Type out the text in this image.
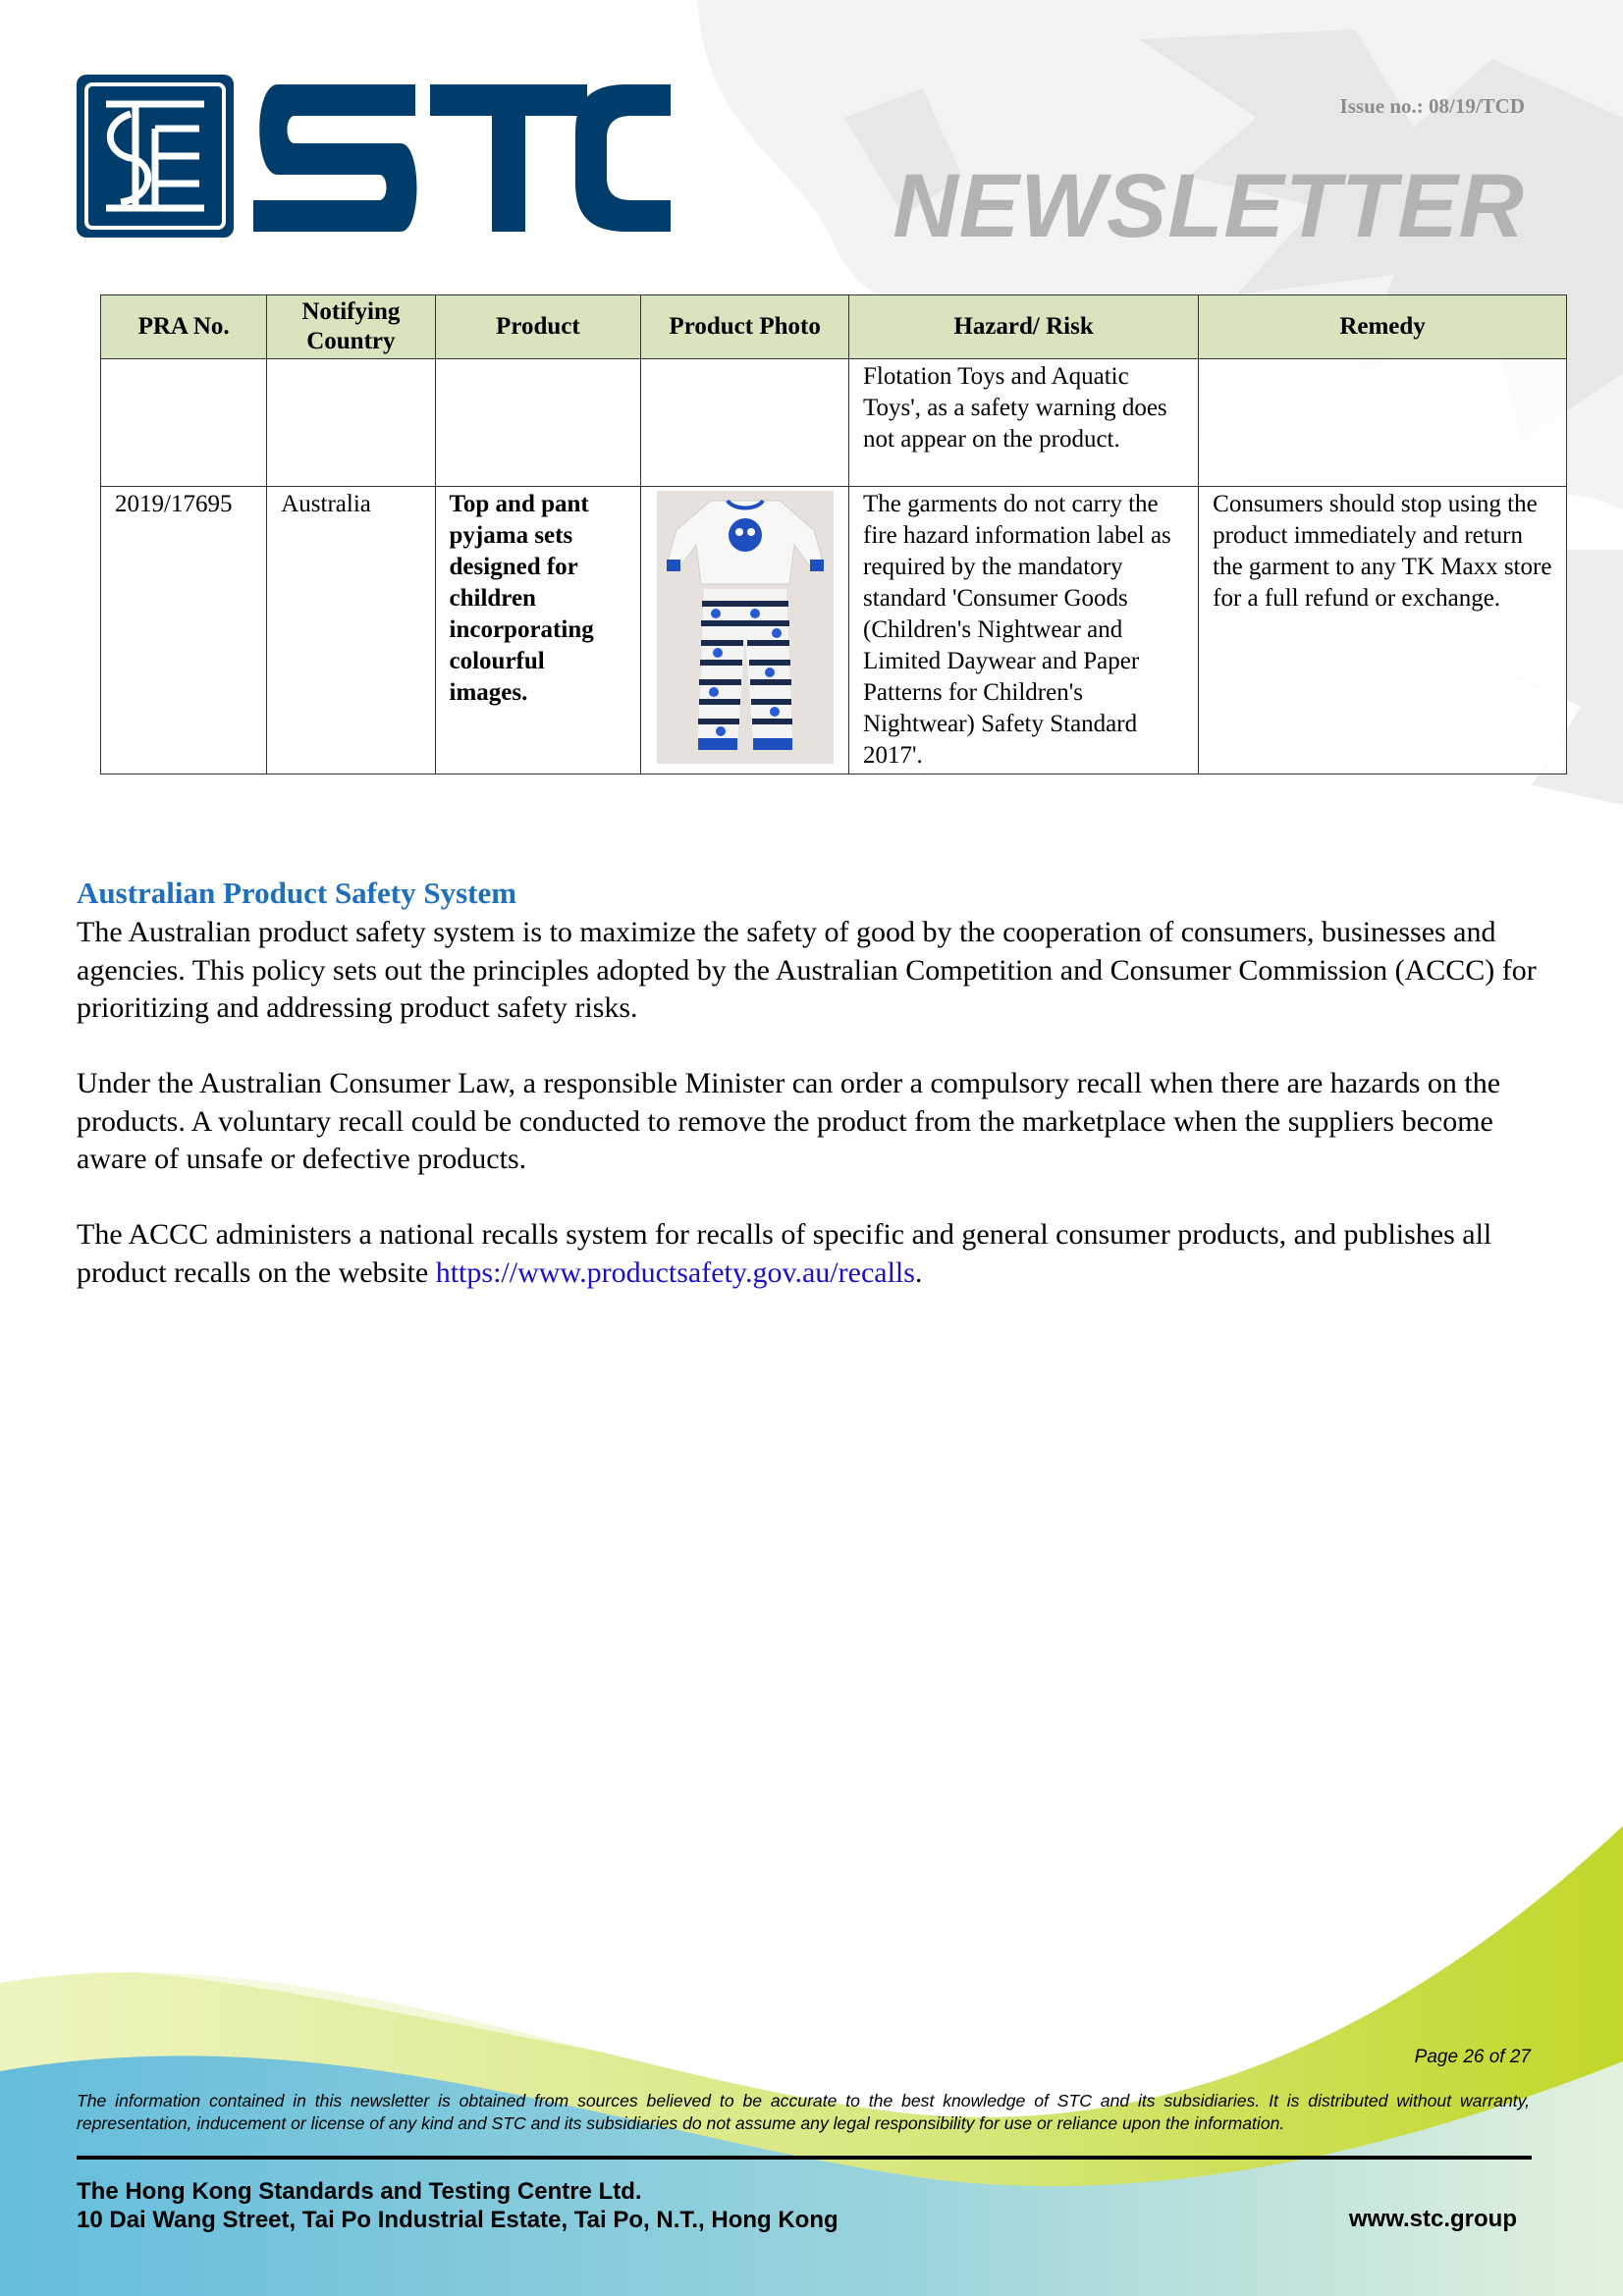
Issue no.: 08/19/TCD
NEWSLETTER
PRA No.	Notifying Country	Product	Product Photo	Hazard/ Risk	Remedy
				Flotation Toys and Aquatic Toys', as a safety warning does not appear on the product.	
2019/17695	Australia	Top and pant pyjama sets designed for children incorporating colourful images.		The garments do not carry the fire hazard information label as required by the mandatory standard 'Consumer Goods (Children's Nightwear and Limited Daywear and Paper Patterns for Children's Nightwear) Safety Standard 2017'.	Consumers should stop using the product immediately and return the garment to any TK Maxx store for a full refund or exchange.
Australian Product Safety System

The Australian product safety system is to maximize the safety of good by the cooperation of consumers, businesses and agencies. This policy sets out the principles adopted by the Australian Competition and Consumer Commission (ACCC) for prioritizing and addressing product safety risks.

Under the Australian Consumer Law, a responsible Minister can order a compulsory recall when there are hazards on the products. A voluntary recall could be conducted to remove the product from the marketplace when the suppliers become aware of unsafe or defective products.

The ACCC administers a national recalls system for recalls of specific and general consumer products, and publishes all product recalls on the website https://www.productsafety.gov.au/recalls.

Page 26 of 27

The information contained in this newsletter is obtained from sources believed to be accurate to the best knowledge of STC and its subsidiaries. It is distributed without warranty, representation, inducement or license of any kind and STC and its subsidiaries do not assume any legal responsibility for use or reliance upon the information.

The Hong Kong Standards and Testing Centre Ltd.
10 Dai Wang Street, Tai Po Industrial Estate, Tai Po, N.T., Hong Kong	www.stc.group
